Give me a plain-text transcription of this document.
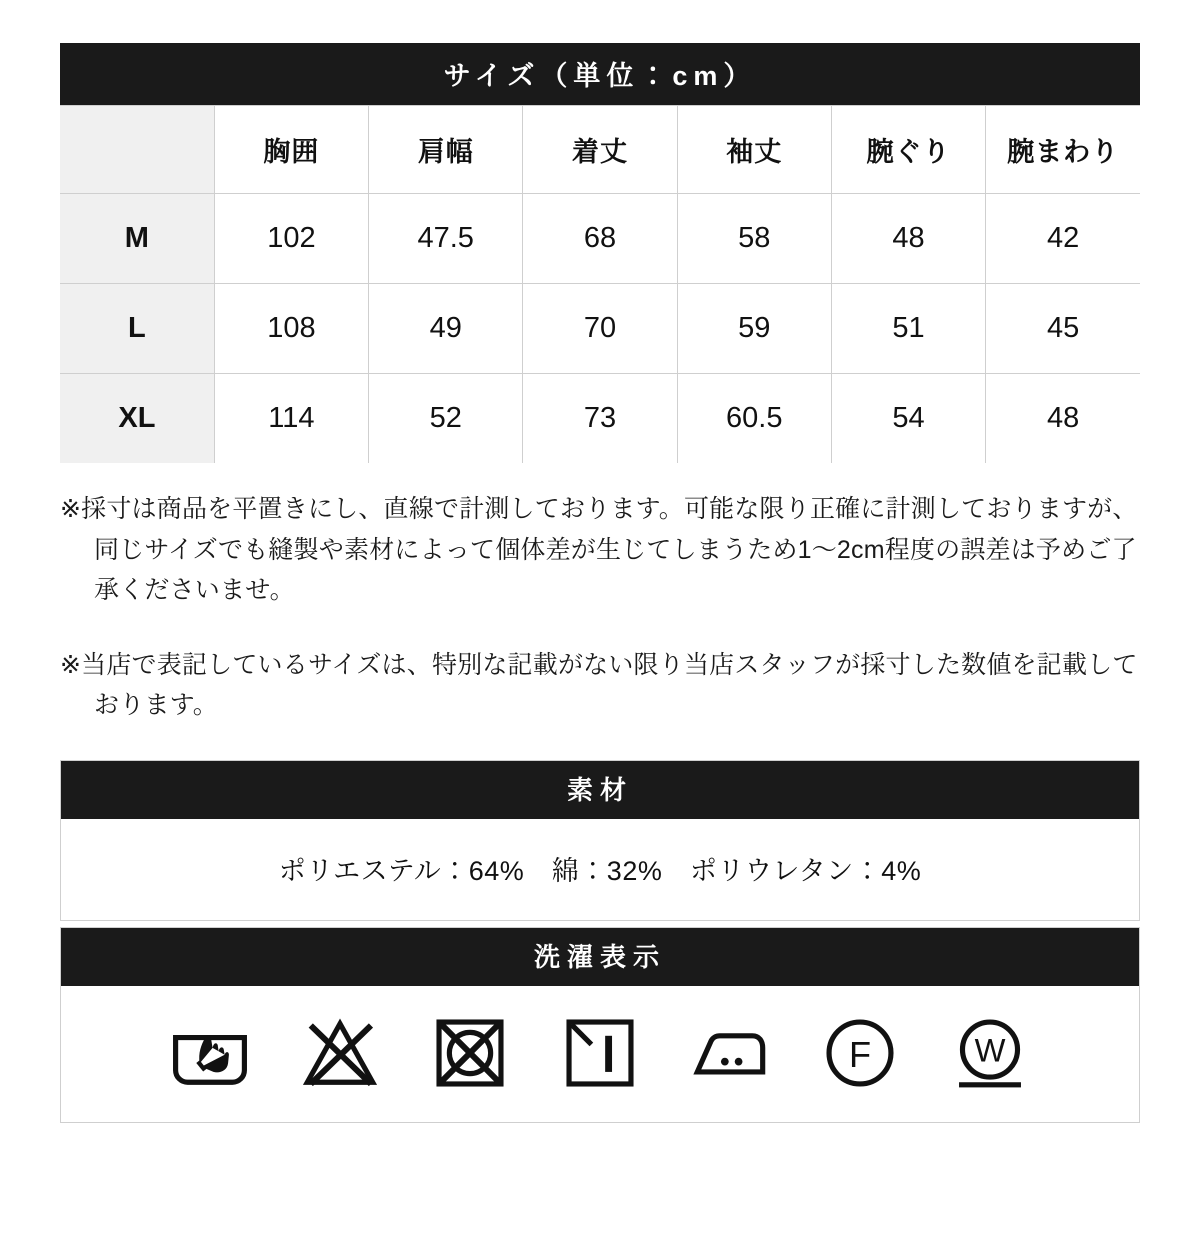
サイズ（単位：cm）						
	胸囲	肩幅	着丈	袖丈	腕ぐり	腕まわり
M	102	47.5	68	58	48	42
L	108	49	70	59	51	45
XL	114	52	73	60.5	54	48

※採寸は商品を平置きにし、直線で計測しております。可能な限り正確に計測しておりますが、同じサイズでも縫製や素材によって個体差が生じてしまうため1〜2cm程度の誤差は予めご了承くださいませ。

※当店で表記しているサイズは、特別な記載がない限り当店スタッフが採寸した数値を記載しております。

素材
ポリエステル：64%　綿：32%　ポリウレタン：4%
洗濯表示
F	W
